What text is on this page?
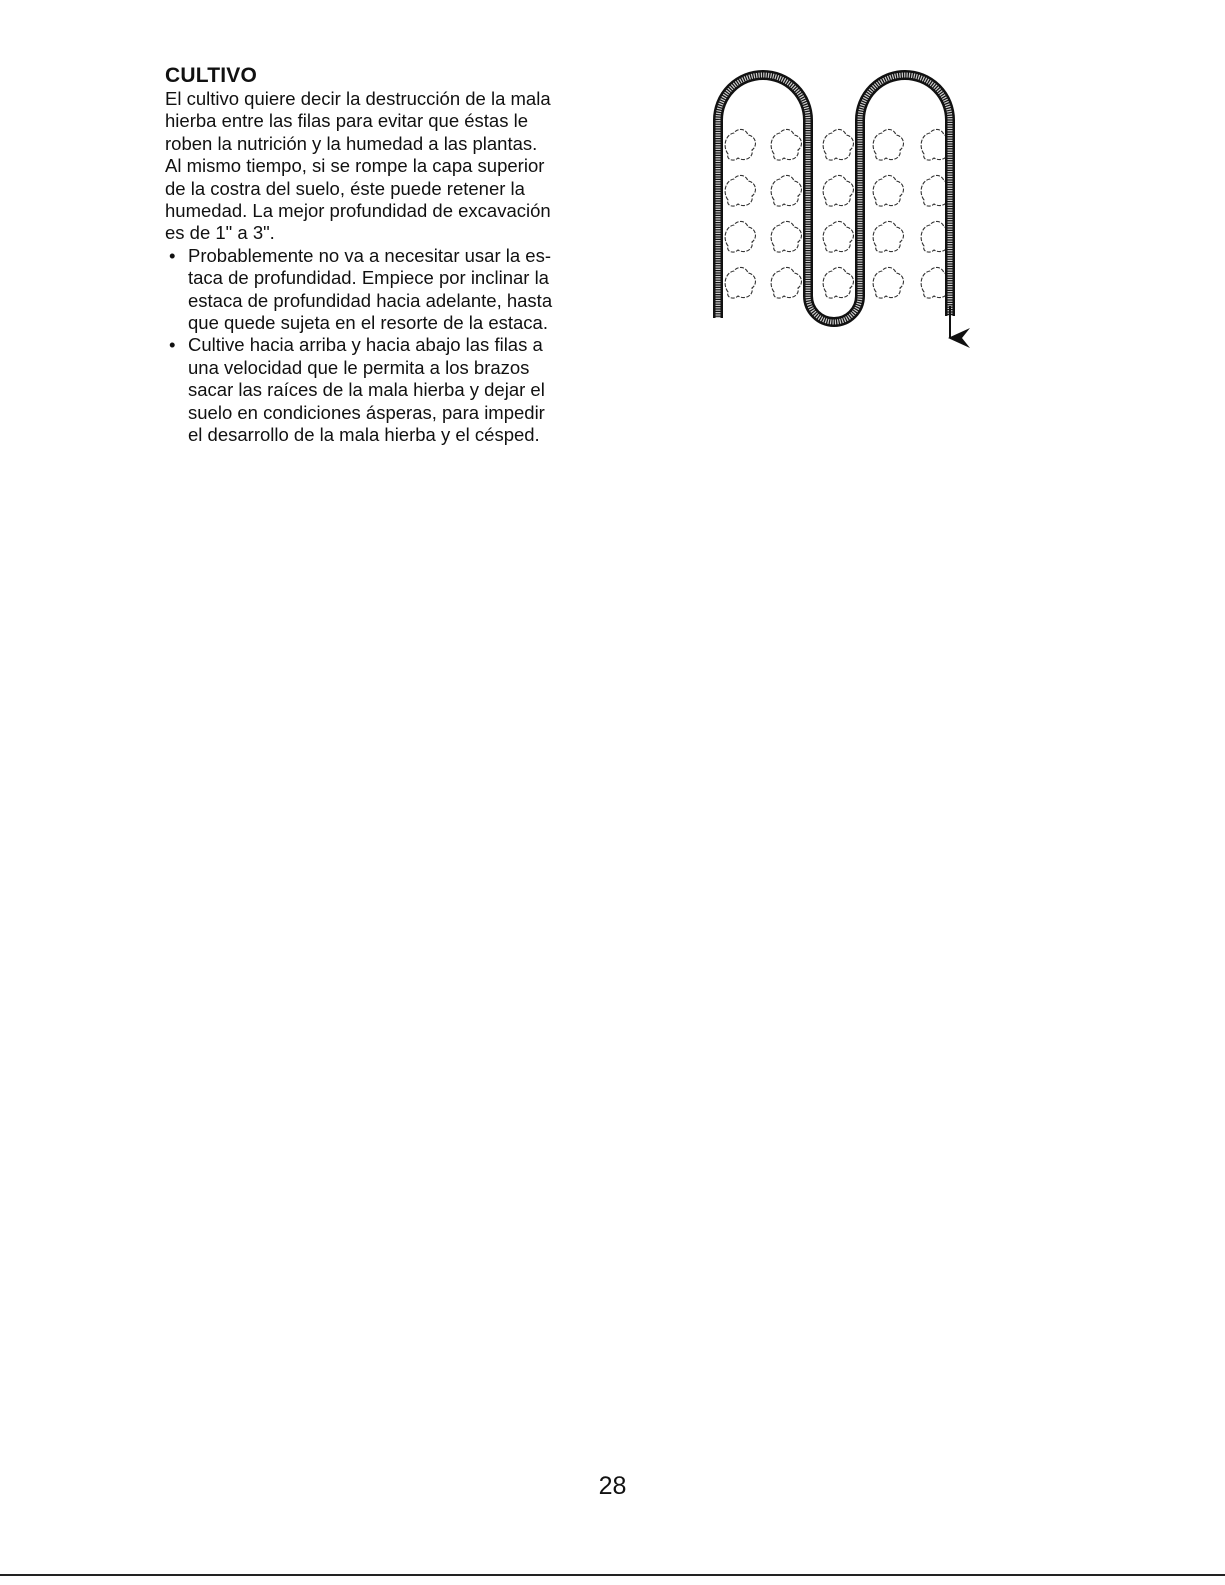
CULTIVO

El cultivo quiere decir la destrucción de la mala
hierba entre las filas para evitar que éstas le
roben la nutrición y la humedad a las plantas.
Al mismo tiempo, si se rompe la capa superior
de la costra del suelo, éste puede retener la
humedad. La mejor profundidad de excavación
es de 1" a 3".

• Probablemente no va a necesitar usar la es-
taca de profundidad. Empiece por inclinar la
estaca de profundidad hacia adelante, hasta
que quede sujeta en el resorte de la estaca.
• Cultive hacia arriba y hacia abajo las filas a
una velocidad que le permita a los brazos
sacar las raíces de la mala hierba y dejar el
suelo en condiciones ásperas, para impedir
el desarrollo de la mala hierba y el césped.
28
